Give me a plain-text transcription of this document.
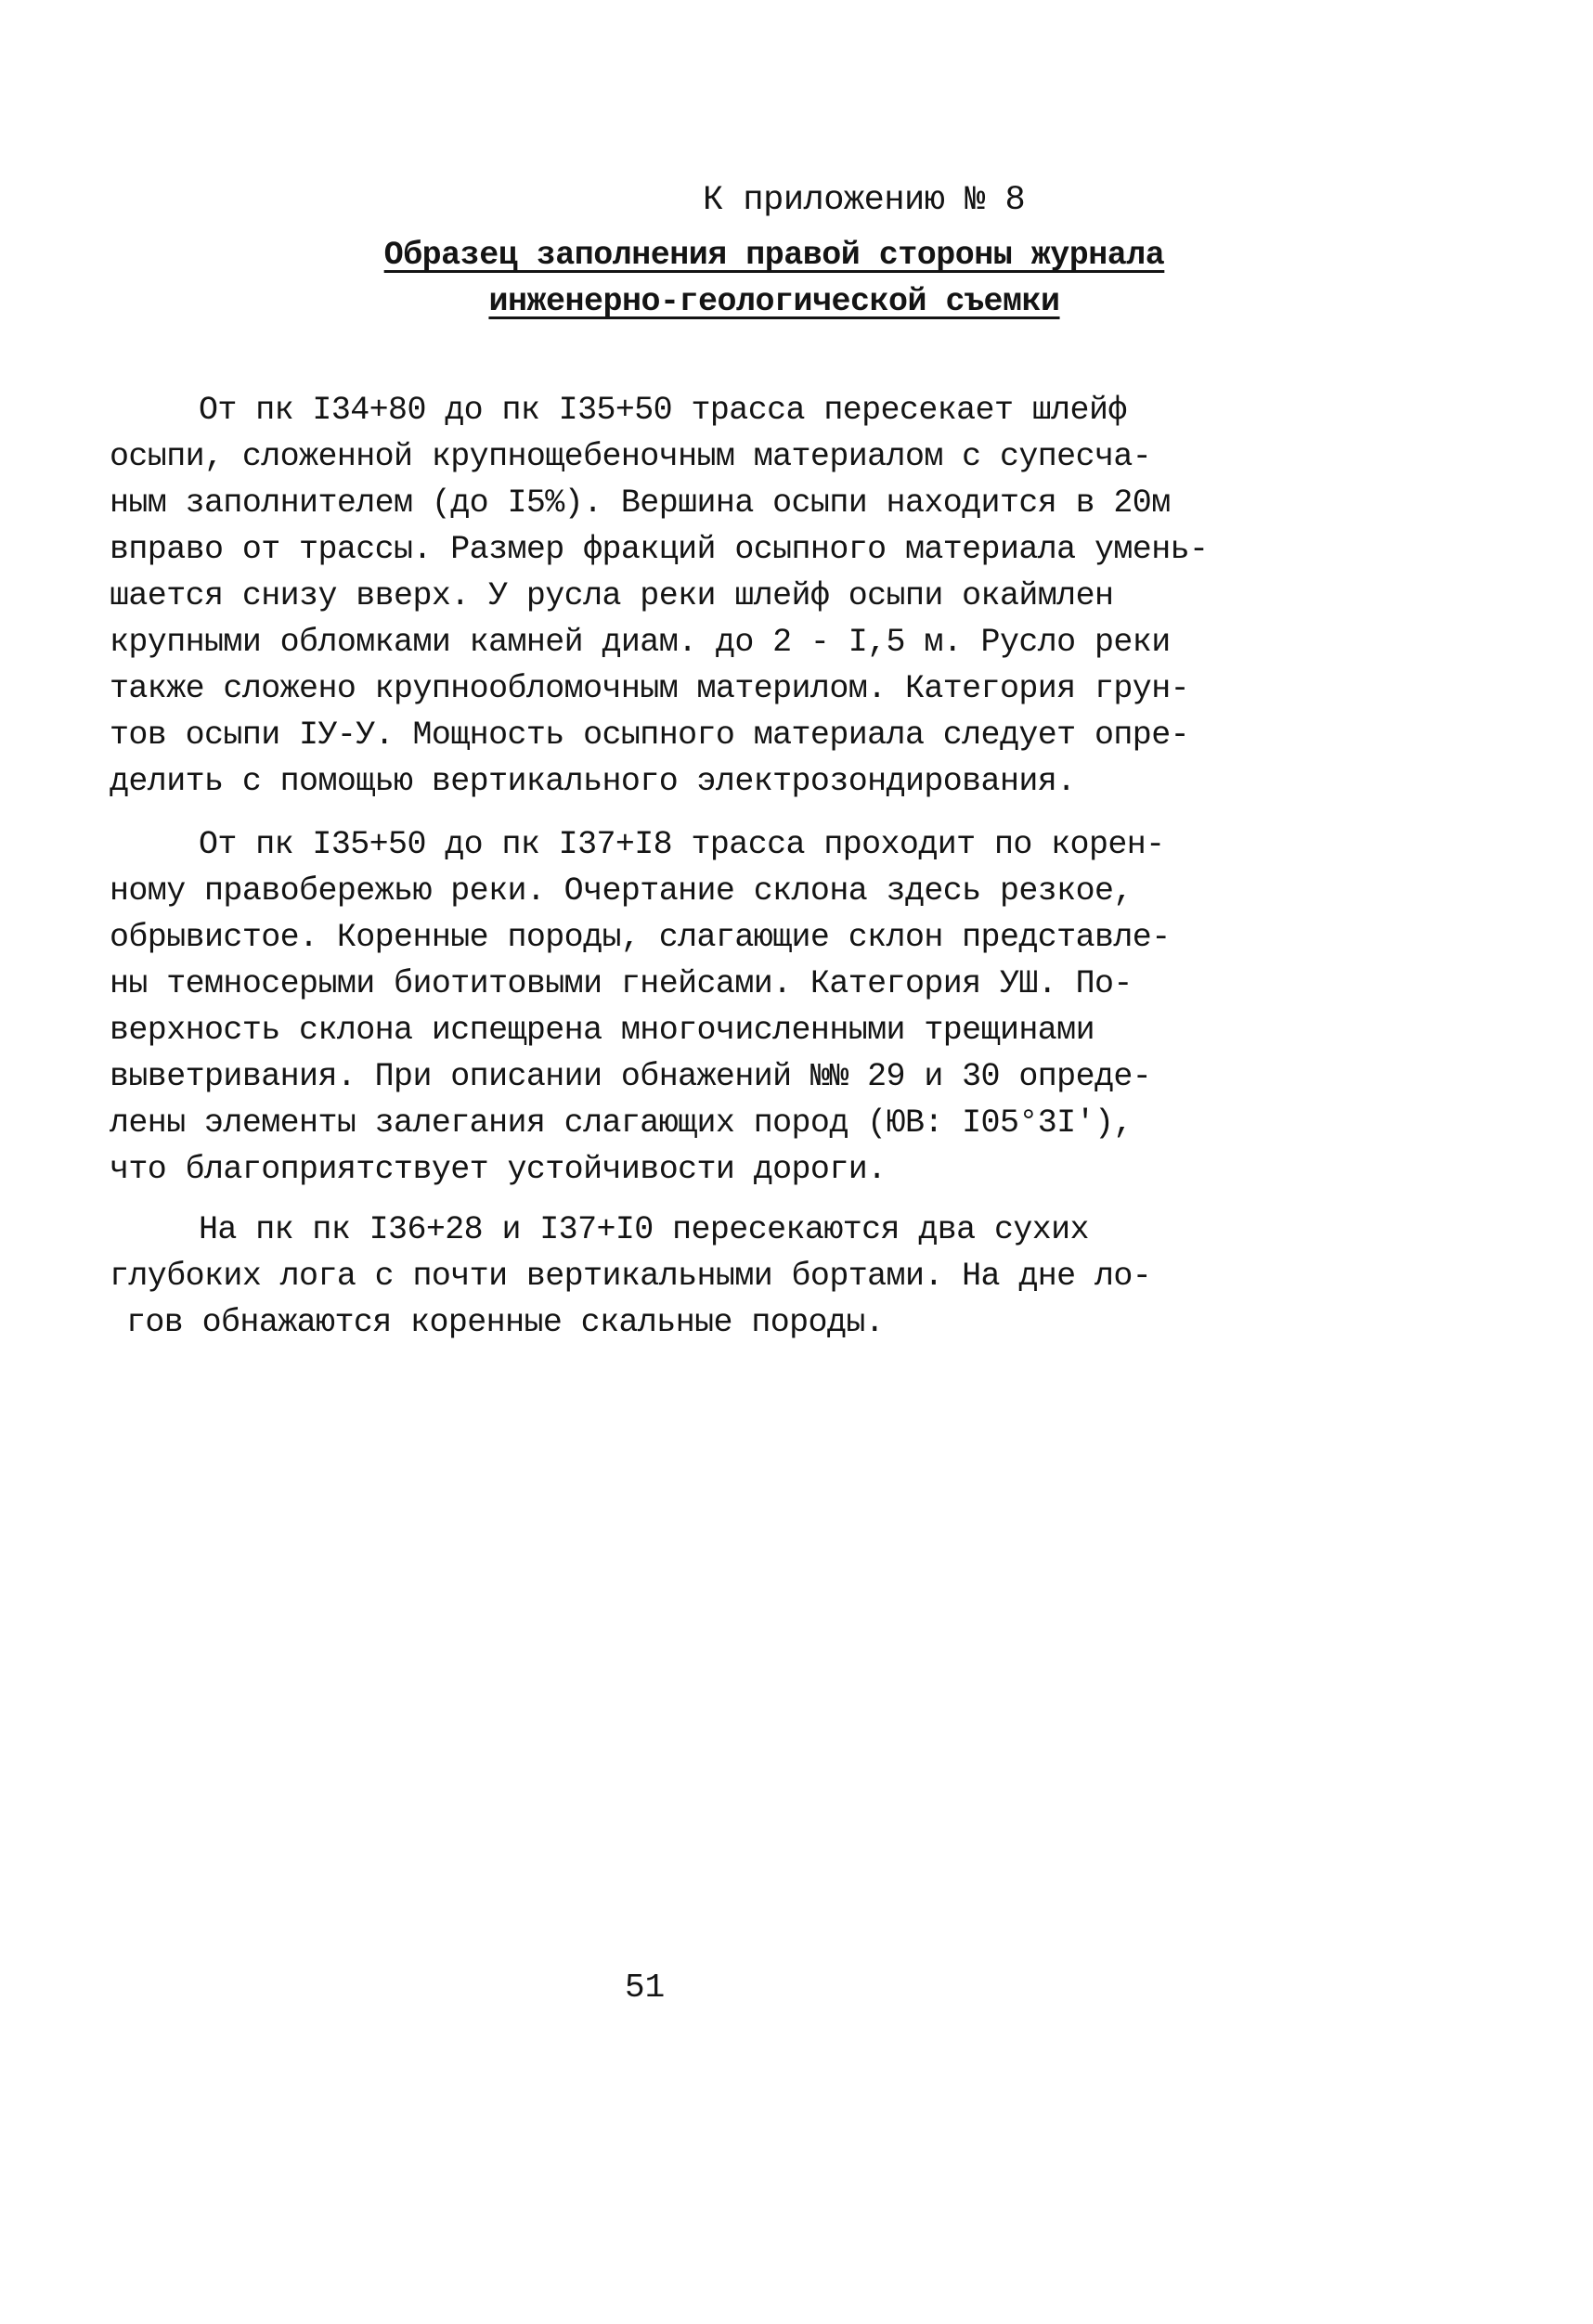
К приложению № 8
Образец заполнения правой стороны журнала
инженерно-геологической съемки
От пк I34+80 до пк I35+50 трасса пересекает шлейф
осыпи, сложенной крупнощебеночным материалом с супесча-
ным заполнителем (до I5%). Вершина осыпи находится в 20м
вправо от трассы. Размер фракций осыпного материала умень-
шается снизу вверх. У русла реки шлейф осыпи окаймлен
крупными обломками камней диам. до 2 - I,5 м. Русло реки
также сложено крупнообломочным материлом. Категория грун-
тов осыпи IУ-У. Мощность осыпного материала следует опре-
делить с помощью вертикального электрозондирования.
От пк I35+50 до пк I37+I8 трасса проходит по корен-
ному правобережью реки. Очертание склона здесь резкое,
обрывистое. Коренные породы, слагающие склон представле-
ны темносерыми биотитовыми гнейсами. Категория УШ. По-
верхность склона испещрена многочисленными трещинами
выветривания. При описании обнажений №№ 29 и 30 опреде-
лены элементы залегания слагающих пород (ЮВ: I05°3I'),
что благоприятствует устойчивости дороги.
На пк пк I36+28 и I37+I0 пересекаются два сухих
глубоких лога с почти вертикальными бортами. На дне ло-
гов обнажаются коренные скальные породы.
51
